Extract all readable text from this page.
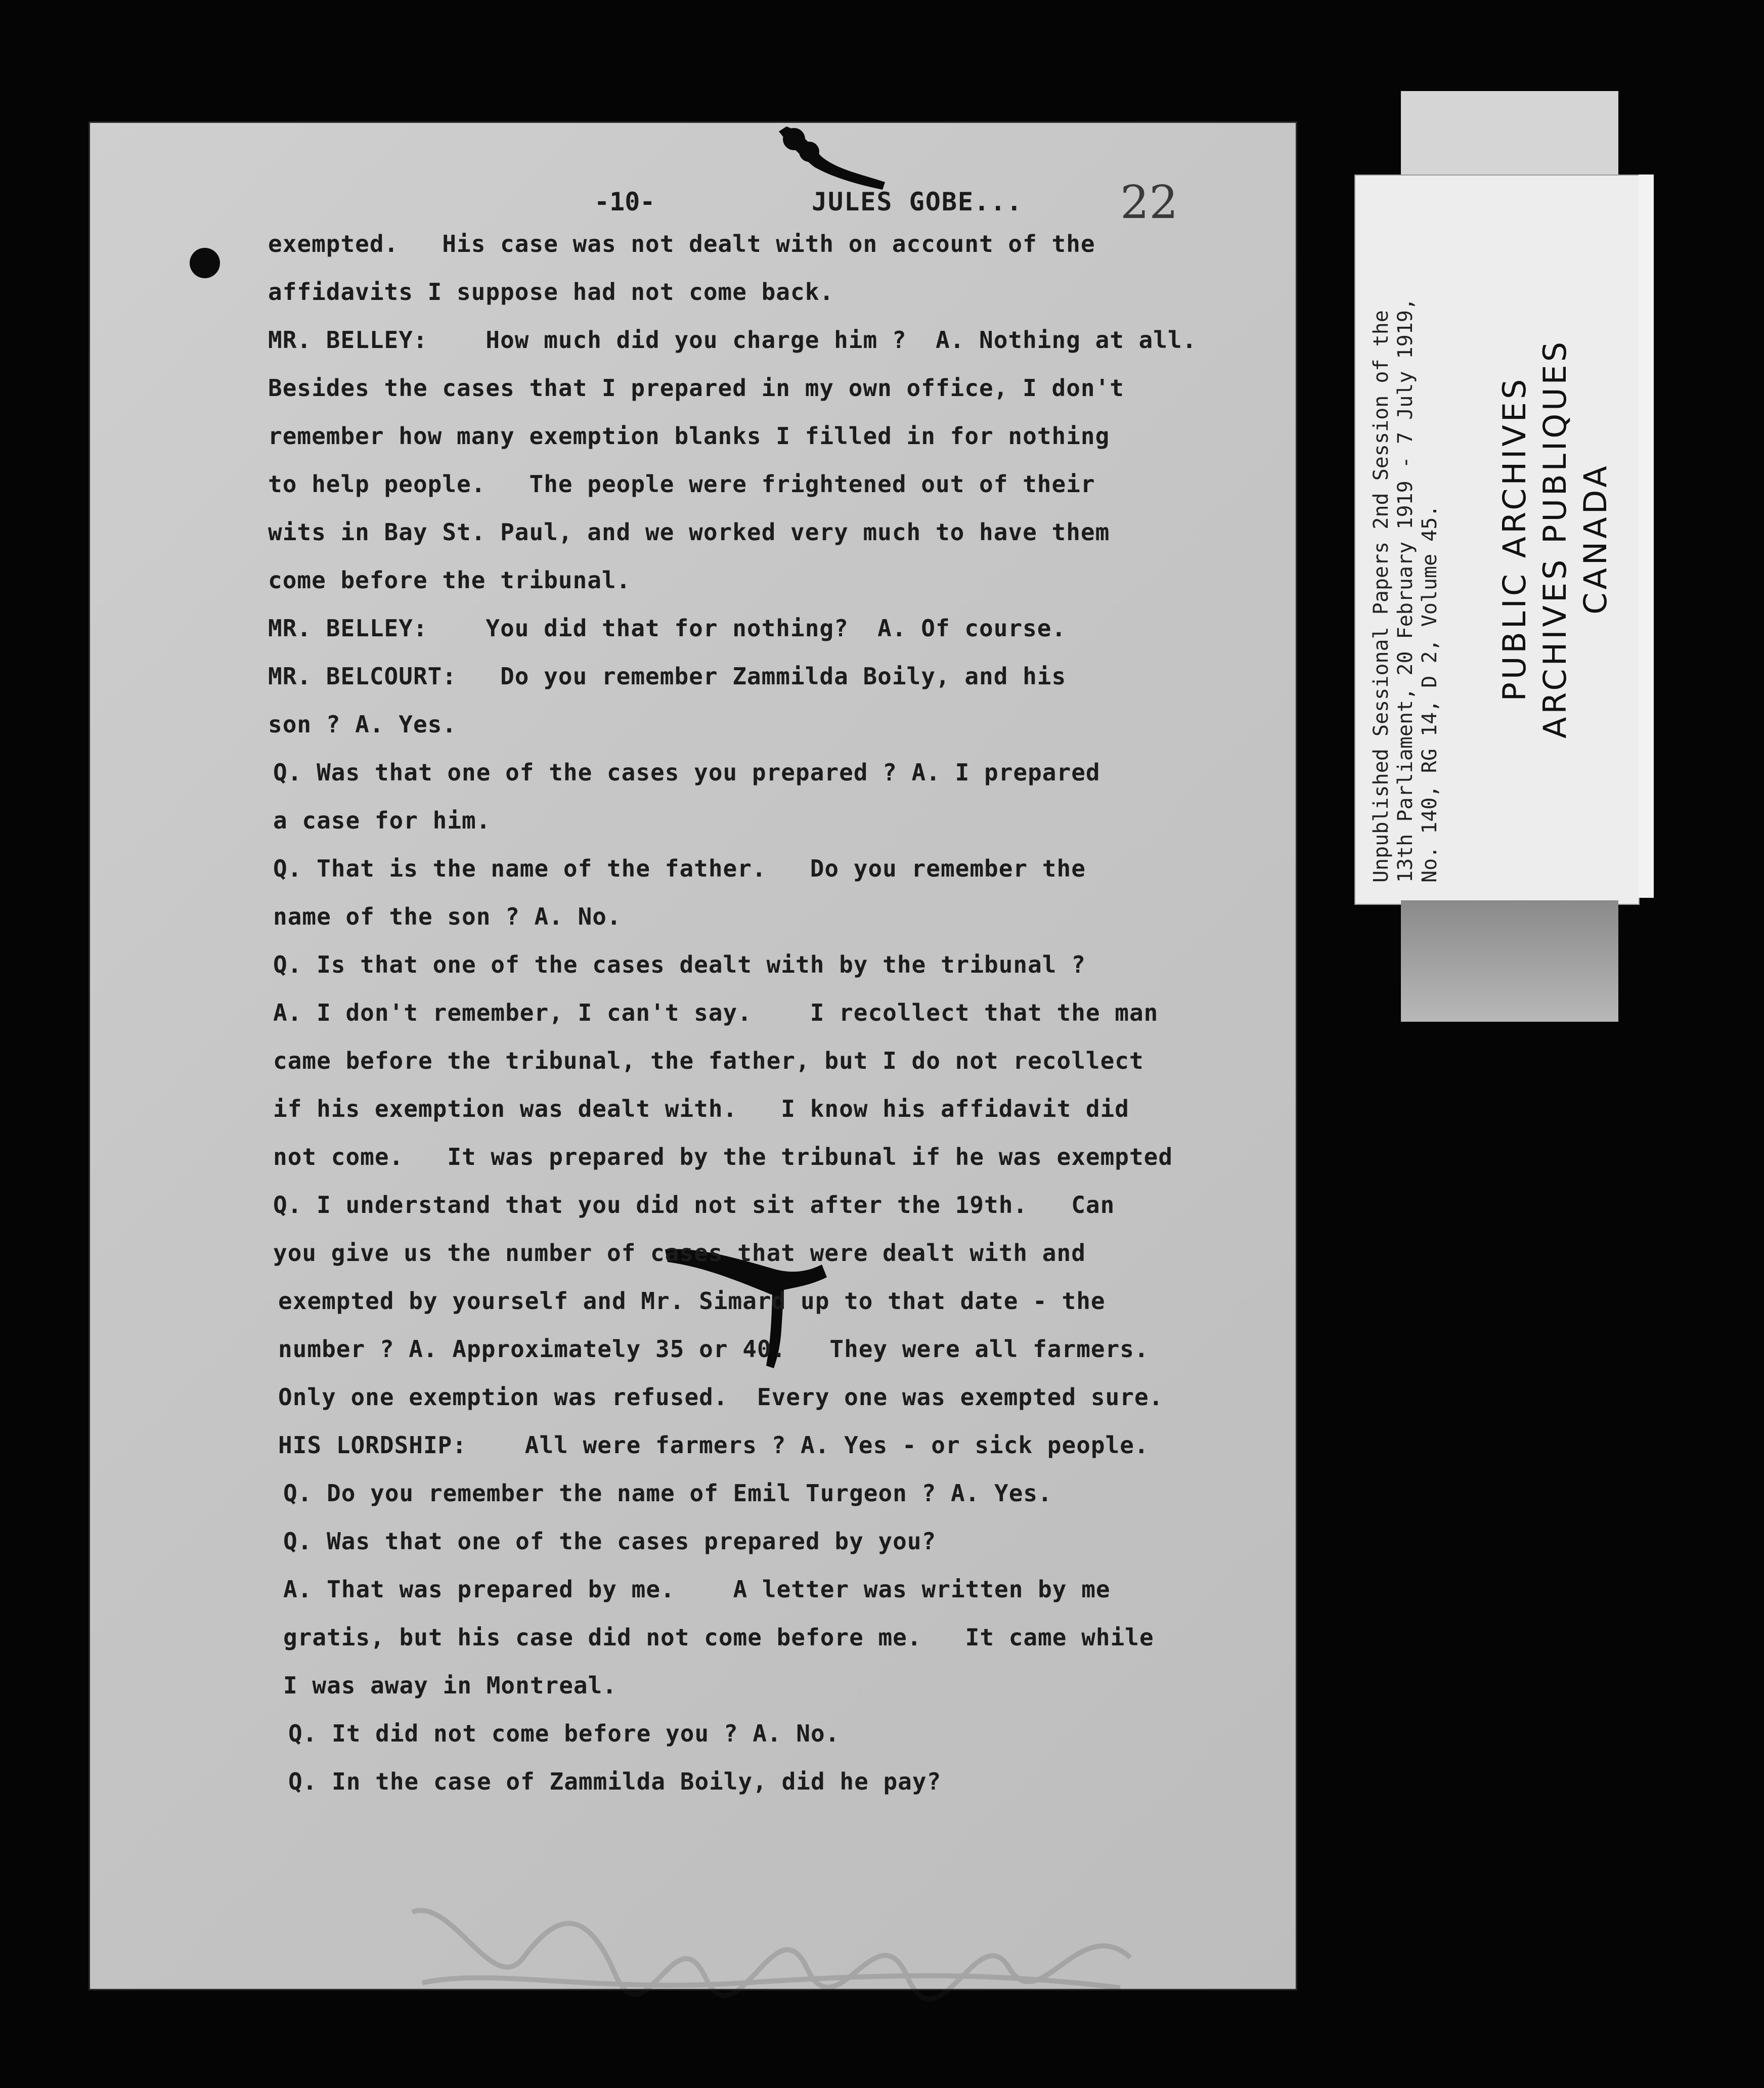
-10-	JULES GOBE... 22
exempted.   His case was not dealt with on account of the
affidavits I suppose had not come back.
MR. BELLEY:    How much did you charge him ?  A. Nothing at all.
Besides the cases that I prepared in my own office, I don't
remember how many exemption blanks I filled in for nothing
to help people.   The people were frightened out of their
wits in Bay St. Paul, and we worked very much to have them
come before the tribunal.
MR. BELLEY:    You did that for nothing?  A. Of course.
MR. BELCOURT:   Do you remember Zammilda Boily, and his
son ? A. Yes.
Q. Was that one of the cases you prepared ? A. I prepared
a case for him.
Q. That is the name of the father.   Do you remember the
name of the son ? A. No.
Q. Is that one of the cases dealt with by the tribunal ?
A. I don't remember, I can't say.    I recollect that the man
came before the tribunal, the father, but I do not recollect
if his exemption was dealt with.   I know his affidavit did
not come.   It was prepared by the tribunal if he was exempted
Q. I understand that you did not sit after the 19th.   Can
you give us the number of cases that were dealt with and
exempted by yourself and Mr. Simard up to that date - the
number ? A. Approximately 35 or 40.   They were all farmers.
Only one exemption was refused.  Every one was exempted sure.
HIS LORDSHIP:    All were farmers ? A. Yes - or sick people.
Q. Do you remember the name of Emil Turgeon ? A. Yes.
Q. Was that one of the cases prepared by you?
A. That was prepared by me.    A letter was written by me
gratis, but his case did not come before me.   It came while
I was away in Montreal.
Q. It did not come before you ? A. No.
Q. In the case of Zammilda Boily, did he pay?
Unpublished Sessional Papers 2nd Session of the 13th Parliament, 20 February 1919 - 7 July 1919, No. 140, RG 14, D 2, Volume 45. PUBLIC ARCHIVES ARCHIVES PUBLIQUES CANADA
